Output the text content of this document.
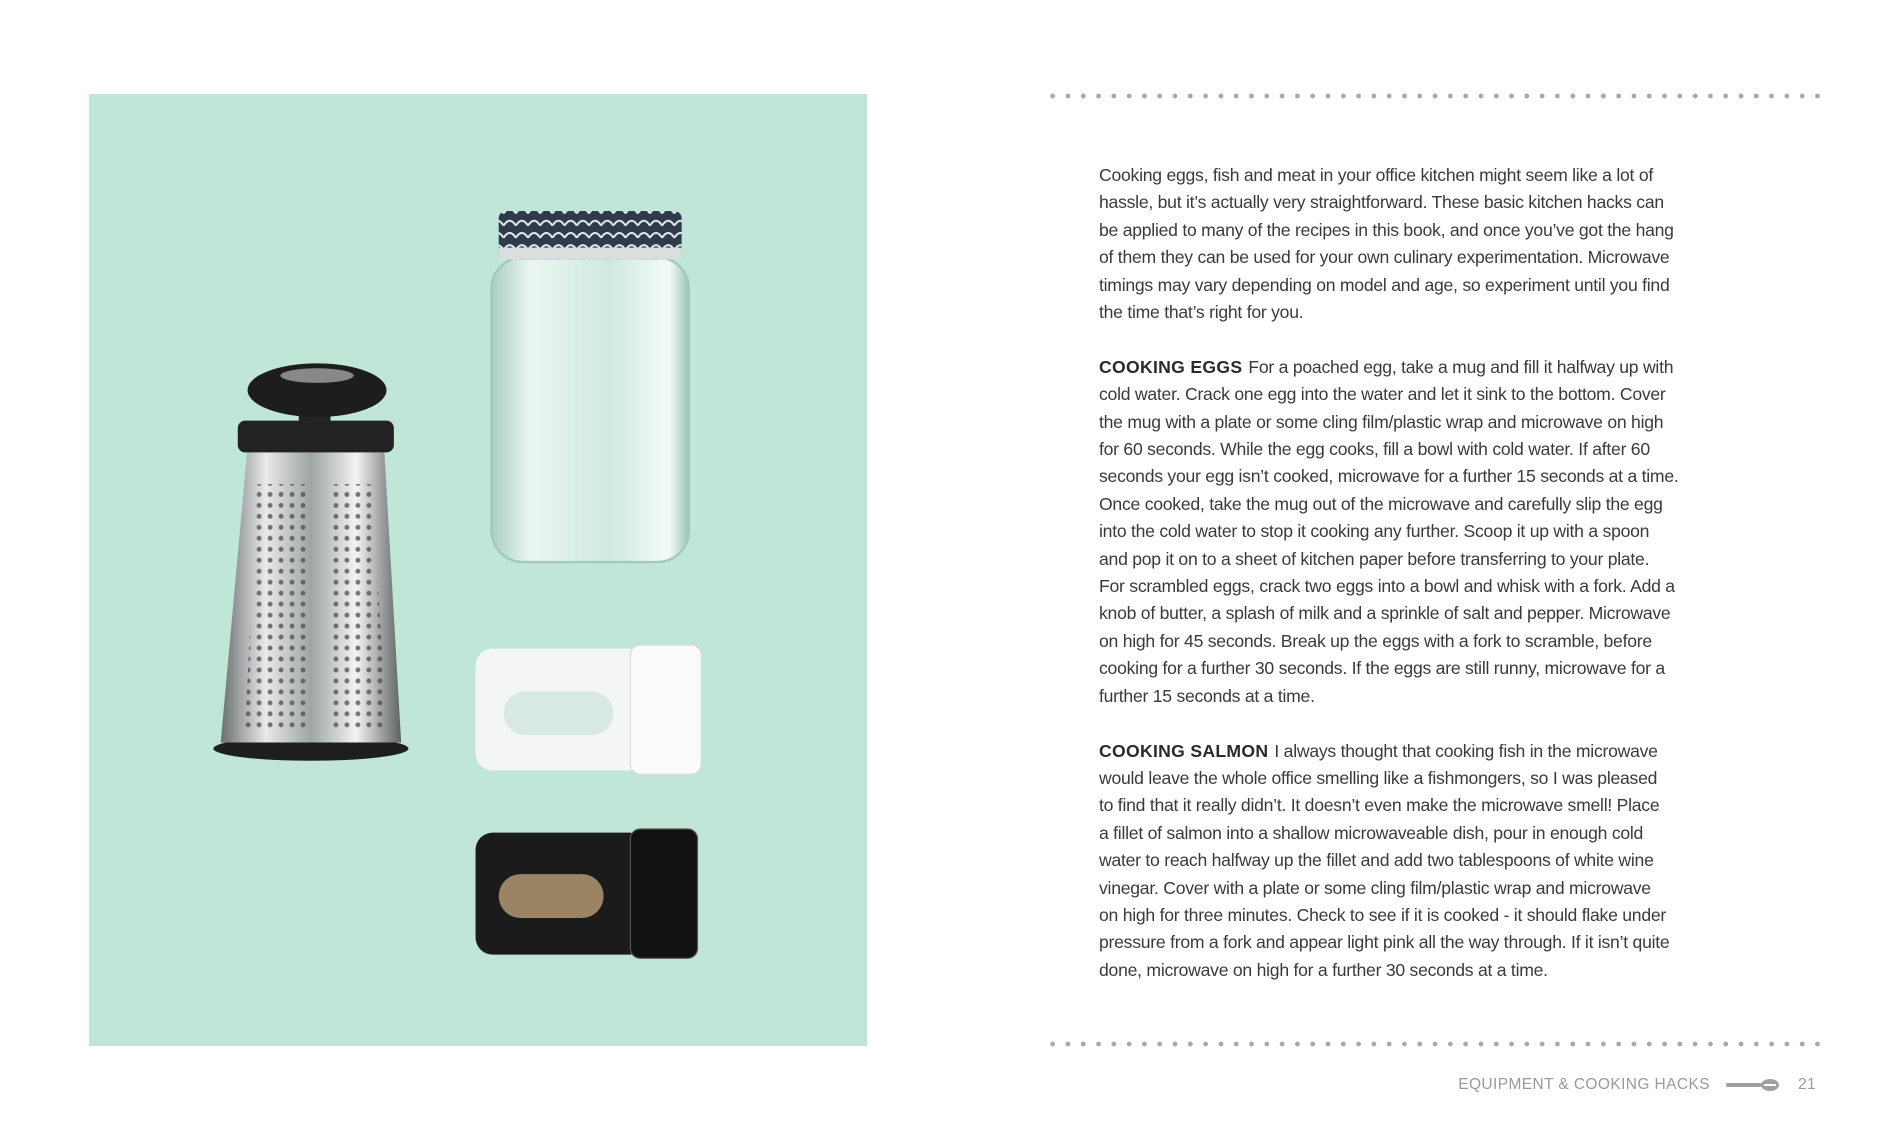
Cooking eggs, fish and meat in your office kitchen might seem like a lot of
hassle, but it’s actually very straightforward. These basic kitchen hacks can
be applied to many of the recipes in this book, and once you’ve got the hang
of them they can be used for your own culinary experimentation. Microwave
timings may vary depending on model and age, so experiment until you find
the time that’s right for you.

COOKING EGGS For a poached egg, take a mug and fill it halfway up with
cold water. Crack one egg into the water and let it sink to the bottom. Cover
the mug with a plate or some cling film/plastic wrap and microwave on high
for 60 seconds. While the egg cooks, fill a bowl with cold water. If after 60
seconds your egg isn’t cooked, microwave for a further 15 seconds at a time.
Once cooked, take the mug out of the microwave and carefully slip the egg
into the cold water to stop it cooking any further. Scoop it up with a spoon
and pop it on to a sheet of kitchen paper before transferring to your plate.
For scrambled eggs, crack two eggs into a bowl and whisk with a fork. Add a
knob of butter, a splash of milk and a sprinkle of salt and pepper. Microwave
on high for 45 seconds. Break up the eggs with a fork to scramble, before
cooking for a further 30 seconds. If the eggs are still runny, microwave for a
further 15 seconds at a time.

COOKING SALMON I always thought that cooking fish in the microwave
would leave the whole office smelling like a fishmongers, so I was pleased
to find that it really didn’t. It doesn’t even make the microwave smell! Place
a fillet of salmon into a shallow microwaveable dish, pour in enough cold
water to reach halfway up the fillet and add two tablespoons of white wine
vinegar. Cover with a plate or some cling film/plastic wrap and microwave
on high for three minutes. Check to see if it is cooked - it should flake under
pressure from a fork and appear light pink all the way through. If it isn’t quite
done, microwave on high for a further 30 seconds at a time.

EQUIPMENT & COOKING HACKS	21
